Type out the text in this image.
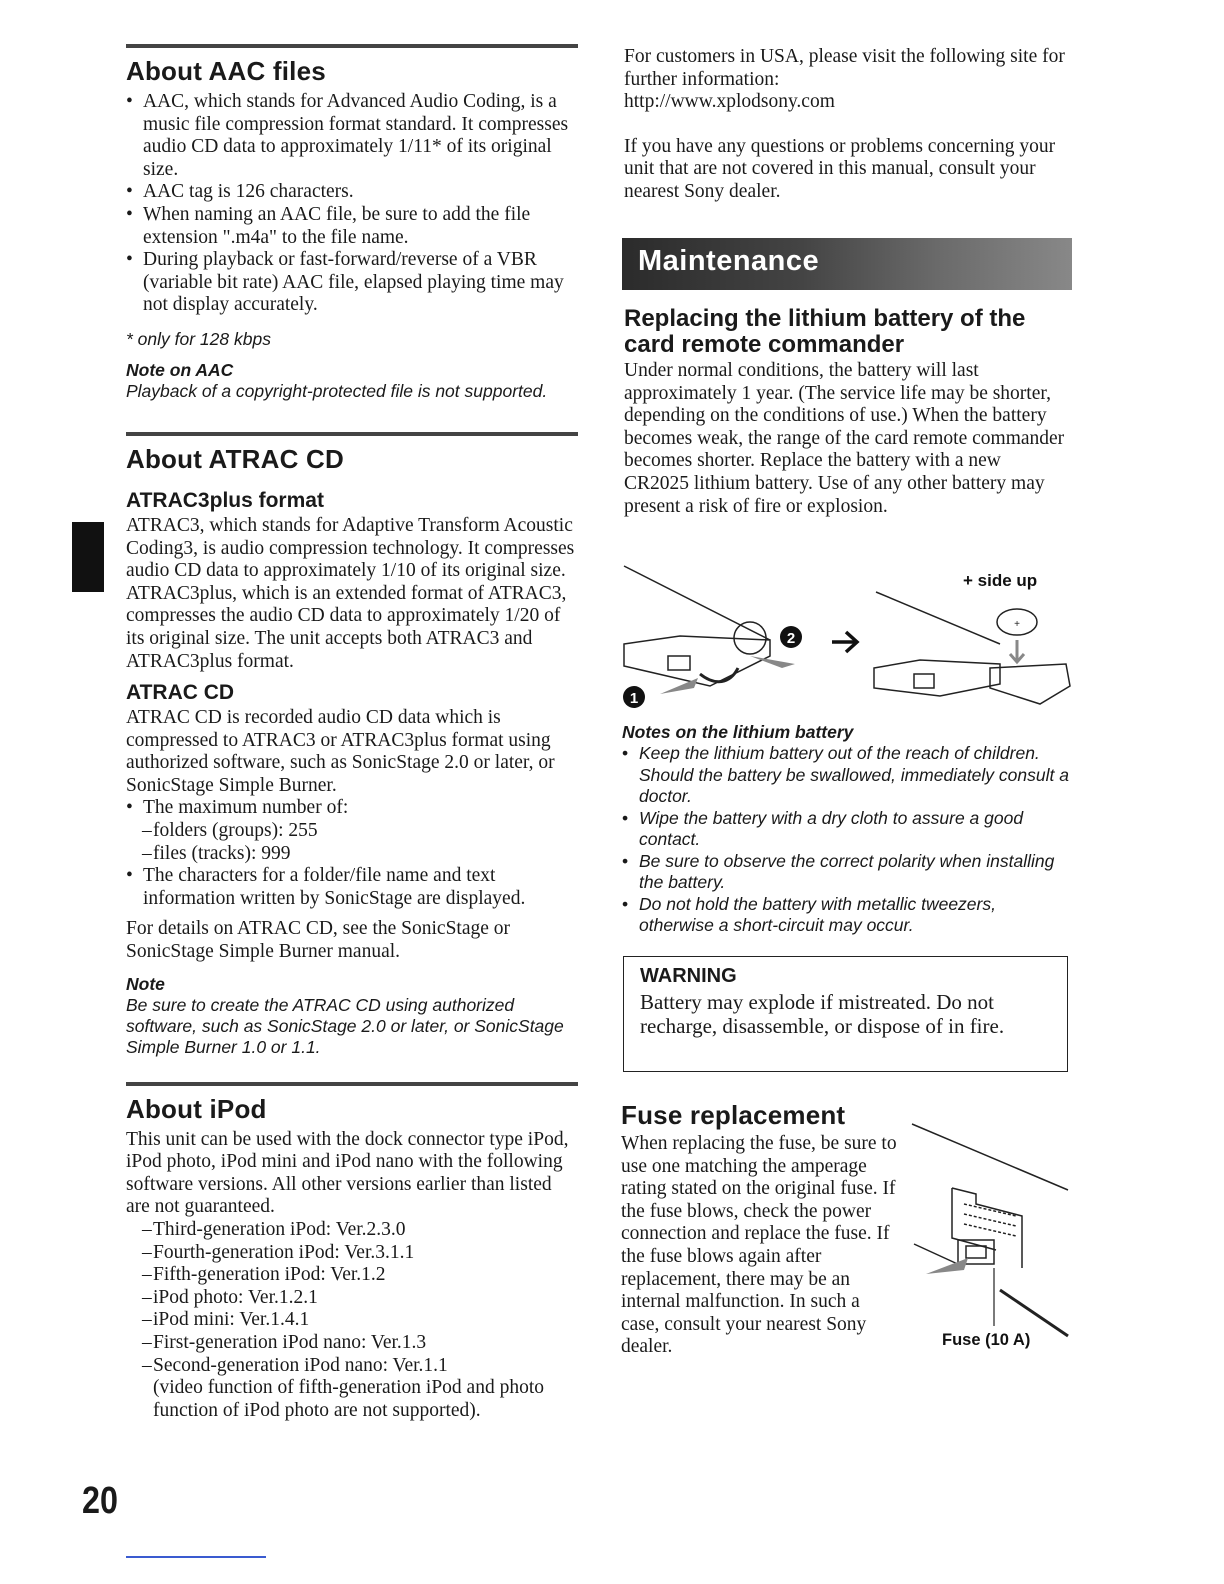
About AAC files
• AAC, which stands for Advanced Audio Coding, is a music file compression format standard. It compresses audio CD data to approximately 1/11* of its original size.
• AAC tag is 126 characters.
• When naming an AAC file, be sure to add the file extension ".m4a" to the file name.
• During playback or fast-forward/reverse of a VBR (variable bit rate) AAC file, elapsed playing time may not display accurately.
* only for 128 kbps
Note on AAC
Playback of a copyright-protected file is not supported.
About ATRAC CD
ATRAC3plus format

ATRAC3, which stands for Adaptive Transform Acoustic Coding3, is audio compression technology. It compresses audio CD data to approximately 1/10 of its original size. ATRAC3plus, which is an extended format of ATRAC3, compresses the audio CD data to approximately 1/20 of its original size. The unit accepts both ATRAC3 and ATRAC3plus format.

ATRAC CD

ATRAC CD is recorded audio CD data which is compressed to ATRAC3 or ATRAC3plus format using authorized software, such as SonicStage 2.0 or later, or SonicStage Simple Burner.

• The maximum number of:
– folders (groups): 255
– files (tracks): 999
• The characters for a folder/file name and text information written by SonicStage are displayed.

For details on ATRAC CD, see the SonicStage or SonicStage Simple Burner manual.

Note
Be sure to create the ATRAC CD using authorized software, such as SonicStage 2.0 or later, or SonicStage Simple Burner 1.0 or 1.1.
About iPod

This unit can be used with the dock connector type iPod, iPod photo, iPod mini and iPod nano with the following software versions. All other versions earlier than listed are not guaranteed.

– Third-generation iPod: Ver.2.3.0
– Fourth-generation iPod: Ver.3.1.1
– Fifth-generation iPod: Ver.1.2
– iPod photo: Ver.1.2.1
– iPod mini: Ver.1.4.1
– First-generation iPod nano: Ver.1.3
– Second-generation iPod nano: Ver.1.1

(video function of fifth-generation iPod and photo function of iPod photo are not supported).

For customers in USA, please visit the following site for further information:

http://www.xplodsony.com

If you have any questions or problems concerning your unit that are not covered in this manual, consult your nearest Sony dealer.

Maintenance
Replacing the lithium battery of the card remote commander

Under normal conditions, the battery will last approximately 1 year. (The service life may be shorter, depending on the conditions of use.) When the battery becomes weak, the range of the card remote commander becomes shorter. Replace the battery with a new CR2025 lithium battery. Use of any other battery may present a risk of fire or explosion.

2
1
+ side up
+
Notes on the lithium battery
• Keep the lithium battery out of the reach of children. Should the battery be swallowed, immediately consult a doctor.
• Wipe the battery with a dry cloth to assure a good contact.
• Be sure to observe the correct polarity when installing the battery.
• Do not hold the battery with metallic tweezers, otherwise a short-circuit may occur.
WARNING

Battery may explode if mistreated. Do not recharge, disassemble, or dispose of in fire.

Fuse replacement

When replacing the fuse, be sure to use one matching the amperage rating stated on the original fuse. If the fuse blows, check the power connection and replace the fuse. If the fuse blows again after replacement, there may be an internal malfunction. In such a case, consult your nearest Sony dealer.	Fuse (10 A)
20
